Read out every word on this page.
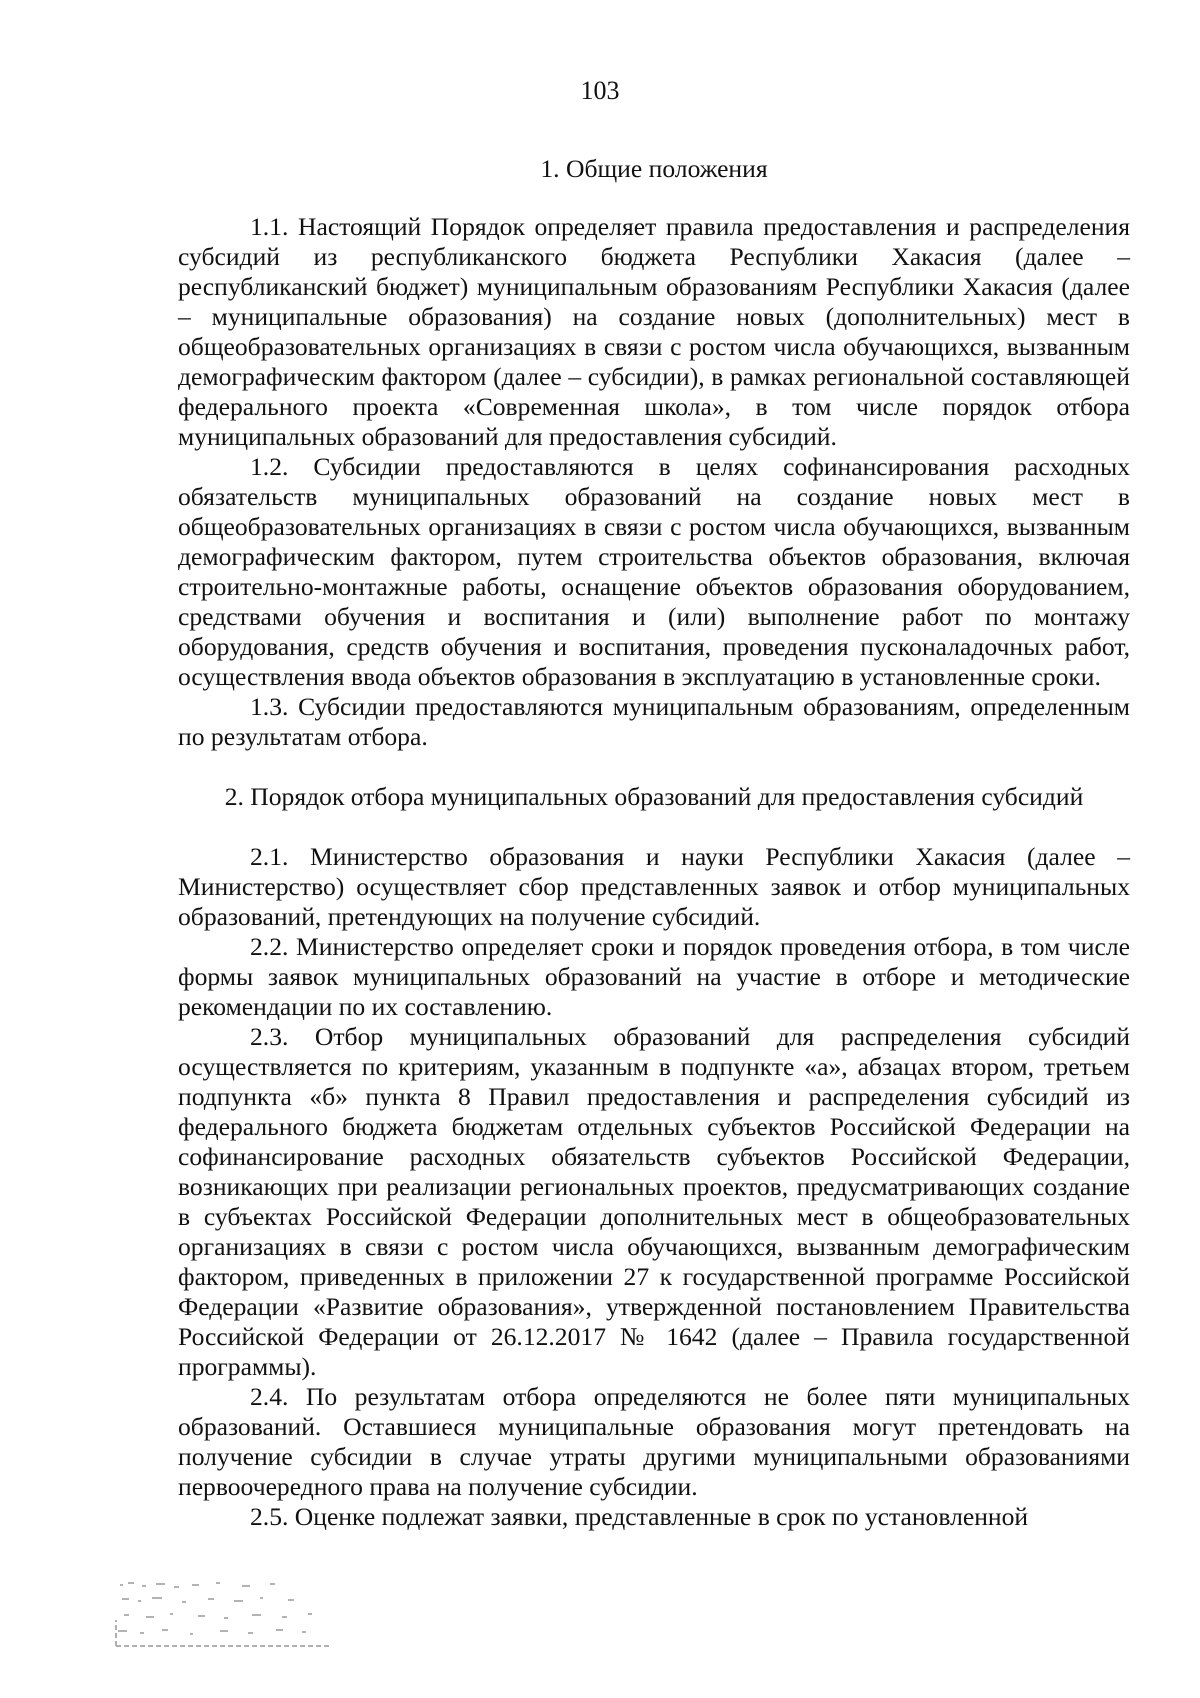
103

1. Общие положения

1.1. Настоящий Порядок определяет правила предоставления и распределения субсидий из республиканского бюджета Республики Хакасия (далее – республиканский бюджет) муниципальным образованиям Республики Хакасия (далее – муниципальные образования) на создание новых (дополнительных) мест в общеобразовательных организациях в связи с ростом числа обучающихся, вызванным демографическим фактором (далее – субсидии), в рамках региональной составляющей федерального проекта «Современная школа», в том числе порядок отбора муниципальных образований для предоставления субсидий.

1.2. Субсидии предоставляются в целях софинансирования расходных обязательств муниципальных образований на создание новых мест в общеобразовательных организациях в связи с ростом числа обучающихся, вызванным демографическим фактором, путем строительства объектов образования, включая строительно-монтажные работы, оснащение объектов образования оборудованием, средствами обучения и воспитания и (или) выполнение работ по монтажу оборудования, средств обучения и воспитания, проведения пусконаладочных работ, осуществления ввода объектов образования в эксплуатацию в установленные сроки.

1.3. Субсидии предоставляются муниципальным образованиям, определенным по результатам отбора.

2. Порядок отбора муниципальных образований для предоставления субсидий

2.1. Министерство образования и науки Республики Хакасия (далее – Министерство) осуществляет сбор представленных заявок и отбор муниципальных образований, претендующих на получение субсидий.

2.2. Министерство определяет сроки и порядок проведения отбора, в том числе формы заявок муниципальных образований на участие в отборе и методические рекомендации по их составлению.

2.3. Отбор муниципальных образований для распределения субсидий осуществляется по критериям, указанным в подпункте «а», абзацах втором, третьем подпункта «б» пункта 8 Правил предоставления и распределения субсидий из федерального бюджета бюджетам отдельных субъектов Российской Федерации на софинансирование расходных обязательств субъектов Российской Федерации, возникающих при реализации региональных проектов, предусматривающих создание в субъектах Российской Федерации дополнительных мест в общеобразовательных организациях в связи с ростом числа обучающихся, вызванным демографическим фактором, приведенных в приложении 27 к государственной программе Российской Федерации «Развитие образования», утвержденной постановлением Правительства Российской Федерации от 26.12.2017 № 1642 (далее – Правила государственной программы).

2.4. По результатам отбора определяются не более пяти муниципальных образований. Оставшиеся муниципальные образования могут претендовать на получение субсидии в случае утраты другими муниципальными образованиями первоочередного права на получение субсидии.

2.5. Оценке подлежат заявки, представленные в срок по установленной
